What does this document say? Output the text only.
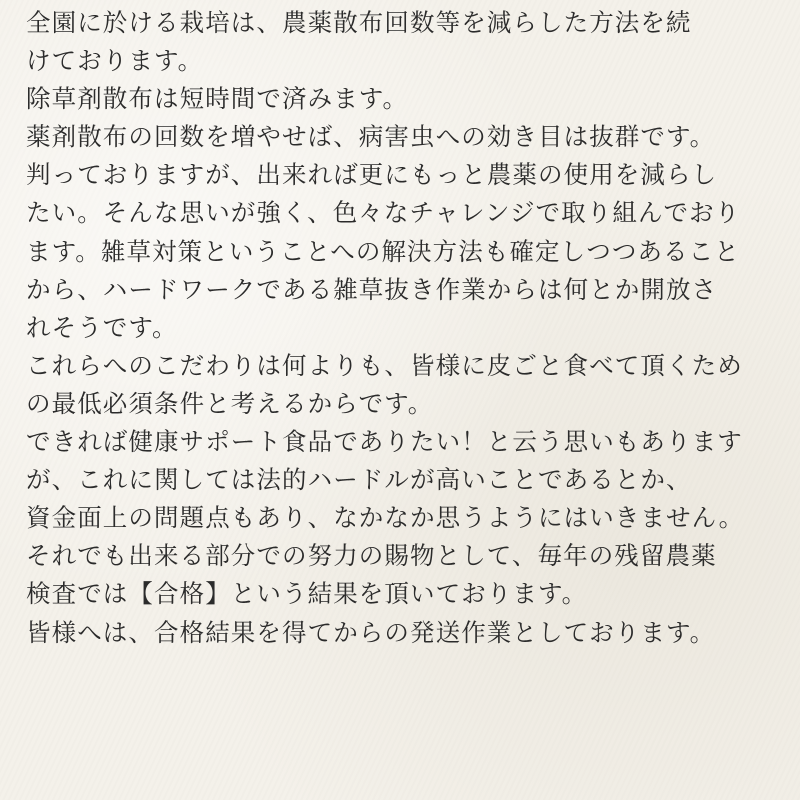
全園に於ける栽培は、農薬散布回数等を減らした方法を続
けております。
除草剤散布は短時間で済みます。
薬剤散布の回数を増やせば、病害虫への効き目は抜群です。
判っておりますが、出来れば更にもっと農薬の使用を減らし
たい。そんな思いが強く、色々なチャレンジで取り組んでおり
ます。雑草対策ということへの解決方法も確定しつつあること
から、ハードワークである雑草抜き作業からは何とか開放さ
れそうです。
これらへのこだわりは何よりも、皆様に皮ごと食べて頂くため
の最低必須条件と考えるからです。
できれば健康サポート食品でありたい！と云う思いもあります
が、これに関しては法的ハードルが高いことであるとか、
資金面上の問題点もあり、なかなか思うようにはいきません。
それでも出来る部分での努力の賜物として、毎年の残留農薬
検査では【合格】という結果を頂いております。
皆様へは、合格結果を得てからの発送作業としております。
